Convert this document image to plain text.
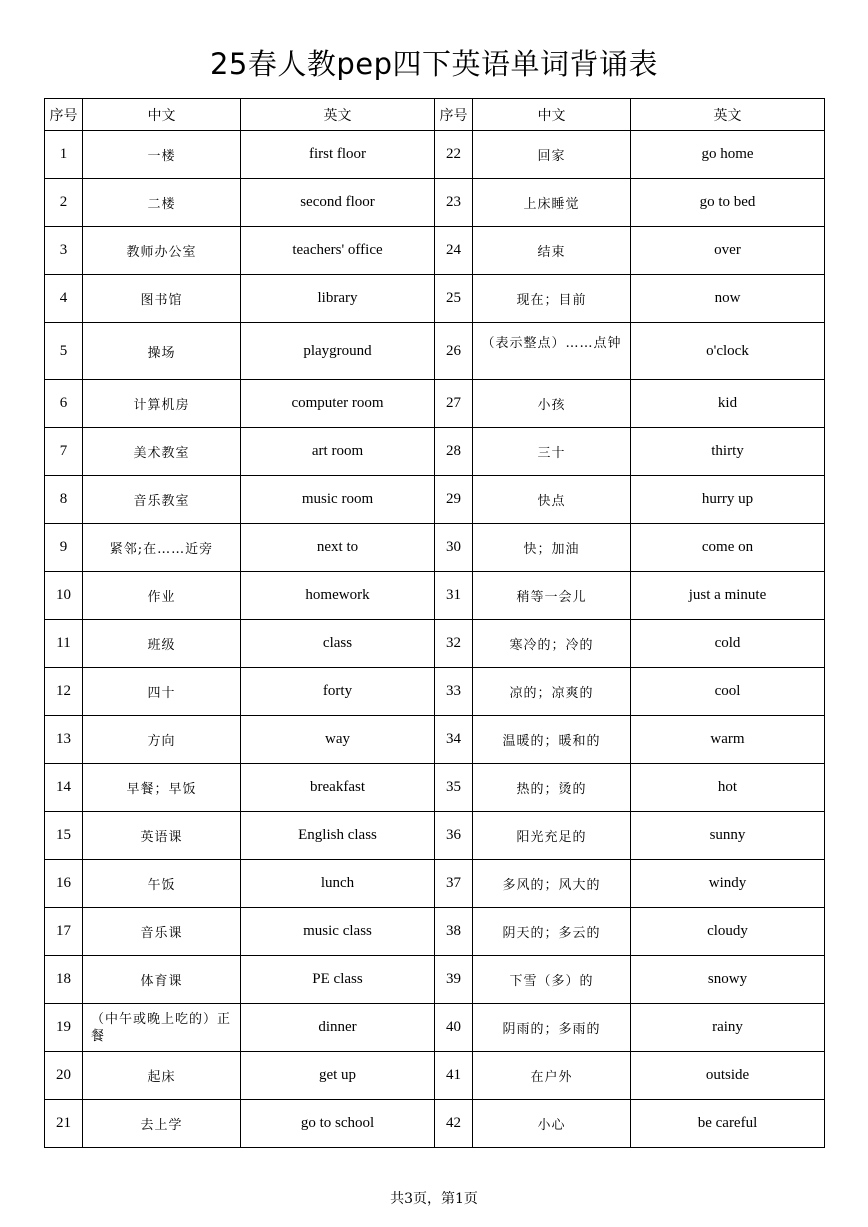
25春人教pep四下英语单词背诵表
序号	中文	英文	序号	中文	英文
1	一楼	first floor	22	回家	go home
2	二楼	second floor	23	上床睡觉	go to bed
3	教师办公室	teachers' office	24	结束	over
4	图书馆	library	25	现在；目前	now
5	操场	playground	26	（表示整点）……点钟	o'clock
6	计算机房	computer room	27	小孩	kid
7	美术教室	art room	28	三十	thirty
8	音乐教室	music room	29	快点	hurry up
9	紧邻;在……近旁	next to	30	快；加油	come on
10	作业	homework	31	稍等一会儿	just a minute
11	班级	class	32	寒冷的；冷的	cold
12	四十	forty	33	凉的；凉爽的	cool
13	方向	way	34	温暖的；暖和的	warm
14	早餐；早饭	breakfast	35	热的；烫的	hot
15	英语课	English class	36	阳光充足的	sunny
16	午饭	lunch	37	多风的；风大的	windy
17	音乐课	music class	38	阴天的；多云的	cloudy
18	体育课	PE class	39	下雪（多）的	snowy
19	（中午或晚上吃的）正餐	dinner	40	阴雨的；多雨的	rainy
20	起床	get up	41	在户外	outside
21	去上学	go to school	42	小心	be careful
共3页，第1页
